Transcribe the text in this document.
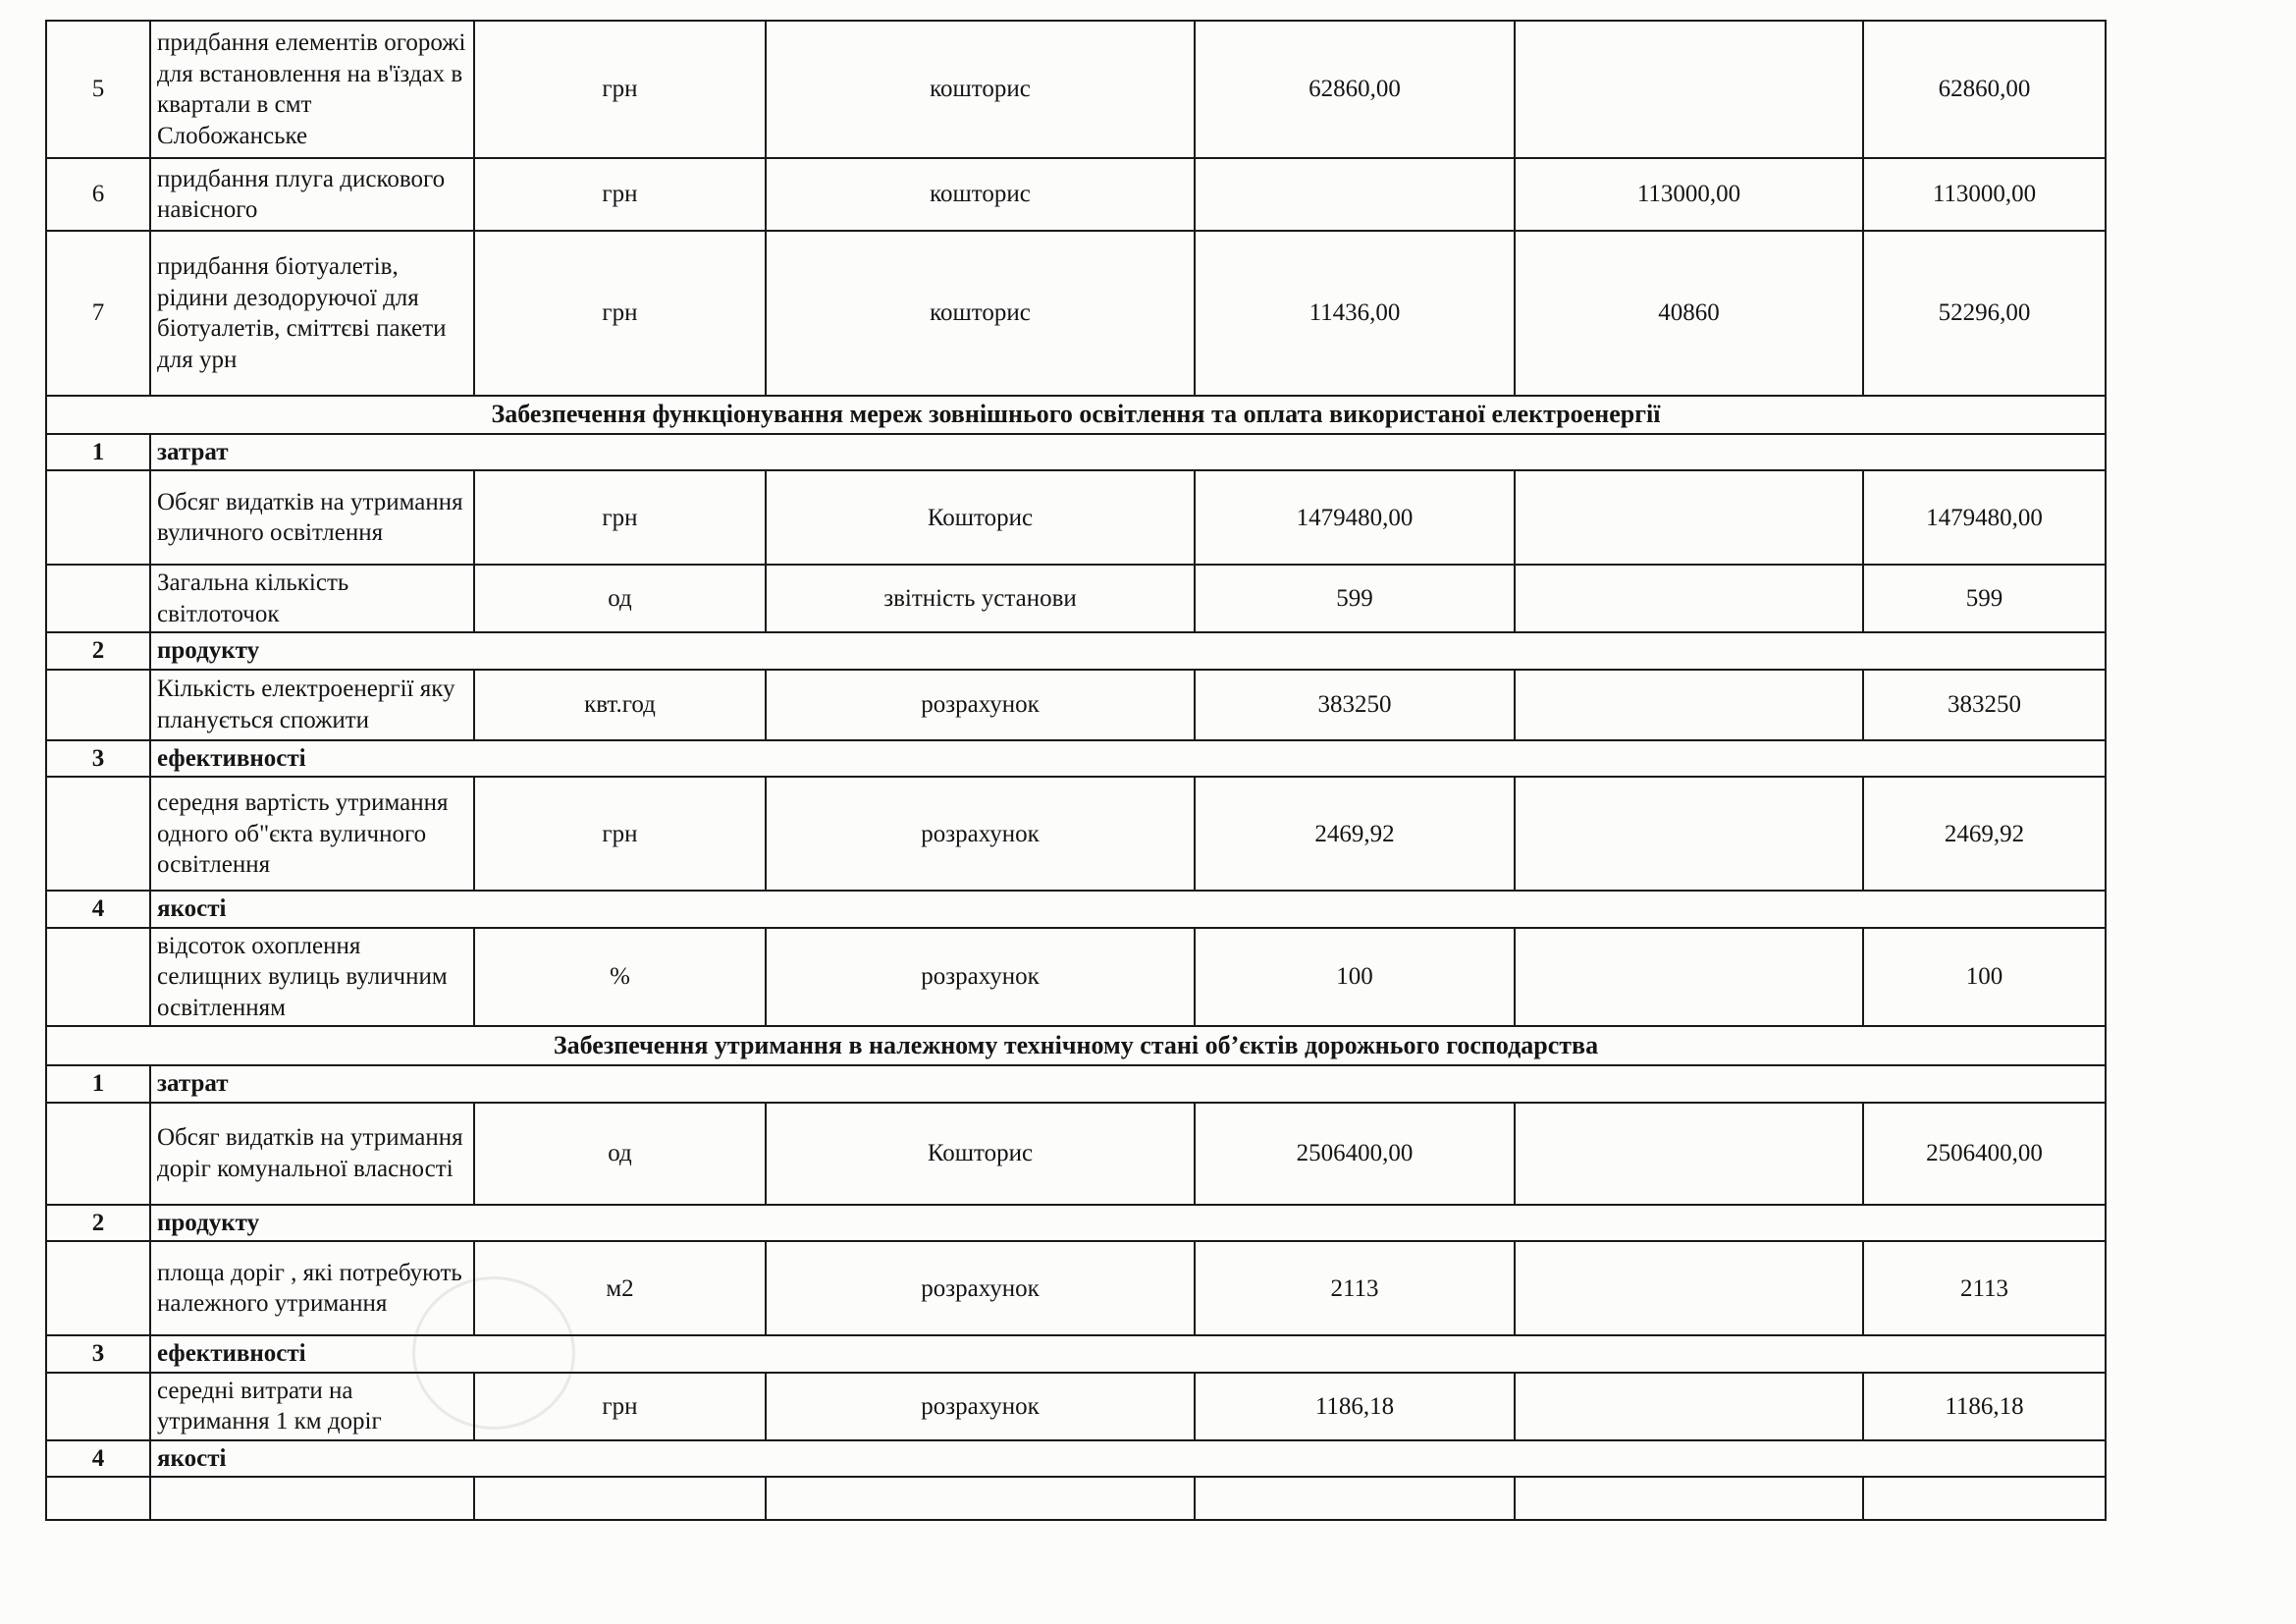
5	придбання елементів огорожі для встановлення на в'їздах в квартали в смт Слобожанське	грн	кошторис	62860,00		62860,00
6	придбання плуга дискового навісного	грн	кошторис		113000,00	113000,00
7	придбання біотуалетів, рідини дезодоруючої для біотуалетів, сміттєві пакети для урн	грн	кошторис	11436,00	40860	52296,00
Забезпечення функціонування мереж зовнішнього освітлення та оплата використаної електроенергії						
1	затрат					
	Обсяг видатків на утримання вуличного освітлення	грн	Кошторис	1479480,00		1479480,00
	Загальна кількість світлоточок	од	звітність установи	599		599
2	продукту					
	Кількість електроенергії яку планується спожити	квт.год	розрахунок	383250		383250
3	ефективності					
	середня вартість утримання одного об"єкта вуличного освітлення	грн	розрахунок	2469,92		2469,92
4	якості					
	відсоток охоплення селищних вулиць вуличним освітленням	%	розрахунок	100		100
Забезпечення утримання в належному технічному стані об’єктів дорожнього господарства						
1	затрат					
	Обсяг видатків на утримання доріг комунальної власності	од	Кошторис	2506400,00		2506400,00
2	продукту					
	площа доріг , які потребують належного утримання	м2	розрахунок	2113		2113
3	ефективності					
	середні витрати на утримання 1 км доріг	грн	розрахунок	1186,18		1186,18
4	якості					
